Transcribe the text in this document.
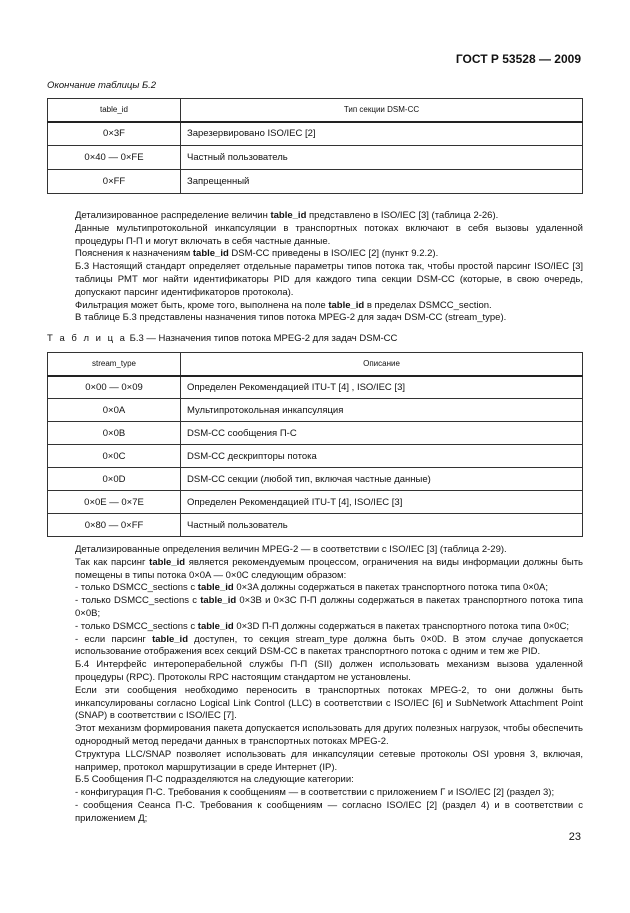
ГОСТ Р 53528 — 2009
Окончание таблицы Б.2
table_id	Тип секции DSM-CC
0×3F	Зарезервировано ISO/IEC [2]
0×40 — 0×FE	Частный пользователь
0×FF	Запрещенный
Детализированное распределение величин table_id представлено в ISO/IEC [3] (таблица 2-26).
Данные мультипротокольной инкапсуляции в транспортных потоках включают в себя вызовы удаленной процедуры П-П и могут включать в себя частные данные.
Пояснения к назначениям table_id DSM-CC приведены в ISO/IEC [2] (пункт 9.2.2).
Б.3 Настоящий стандарт определяет отдельные параметры типов потока так, чтобы простой парсинг ISO/IEC [3] таблицы PMT мог найти идентификаторы PID для каждого типа секции DSM-CC (которые, в свою очередь, допускают парсинг идентификаторов протокола).
Фильтрация может быть, кроме того, выполнена на поле table_id в пределах DSMCC_section.
В таблице Б.3 представлены назначения типов потока MPEG-2 для задач DSM-CC (stream_type).
Т а б л и ц а Б.3 — Назначения типов потока MPEG-2 для задач DSM-CC
stream_type	Описание
0×00 — 0×09	Определен Рекомендацией ITU-T [4] , ISO/IEC [3]
0×0A	Мультипротокольная инкапсуляция
0×0B	DSM-CC сообщения П-С
0×0C	DSM-CC дескрипторы потока
0×0D	DSM-CC секции (любой тип, включая частные данные)
0×0E — 0×7E	Определен Рекомендацией ITU-T [4], ISO/IEC [3]
0×80 — 0×FF	Частный пользователь
Детализированные определения величин MPEG-2 — в соответствии с ISO/IEC [3] (таблица 2-29).
Так как парсинг table_id является рекомендуемым процессом, ограничения на виды информации должны быть помещены в типы потока 0×0A — 0×0C следующим образом:
- только DSMCC_sections с table_id 0×3A должны содержаться в пакетах транспортного потока типа 0×0A;
- только DSMCC_sections с table_id 0×3B и 0×3C П-П должны содержаться в пакетах транспортного потока типа 0×0B;
- только DSMCC_sections с table_id 0×3D П-П должны содержаться в пакетах транспортного потока типа 0×0C;
- если парсинг table_id доступен, то секция stream_type должна быть 0×0D. В этом случае допускается использование отображения всех секций DSM-CC в пакетах транспортного потока с одним и тем же PID.
Б.4 Интерфейс интероперабельной службы П-П (SII) должен использовать механизм вызова удаленной процедуры (RPC). Протоколы RPC настоящим стандартом не установлены.
Если эти сообщения необходимо переносить в транспортных потоках MPEG-2, то они должны быть инкапсулированы согласно Logical Link Control (LLC) в соответствии с ISO/IEC [6] и SubNetwork Attachment Point (SNAP) в соответствии с ISO/IEC [7].
Этот механизм формирования пакета допускается использовать для других полезных нагрузок, чтобы обеспечить однородный метод передачи данных в транспортных потоках MPEG-2.
Структура LLC/SNAP позволяет использовать для инкапсуляции сетевые протоколы OSI уровня 3, включая, например, протокол маршрутизации в среде Интернет (IP).
Б.5 Сообщения П-С подразделяются на следующие категории:
- конфигурация П-С. Требования к сообщениям — в соответствии с приложением Г и ISO/IEC [2] (раздел 3);
- сообщения Сеанса П-С. Требования к сообщениям — согласно ISO/IEC [2] (раздел 4) и в соответствии с приложением Д;
23
